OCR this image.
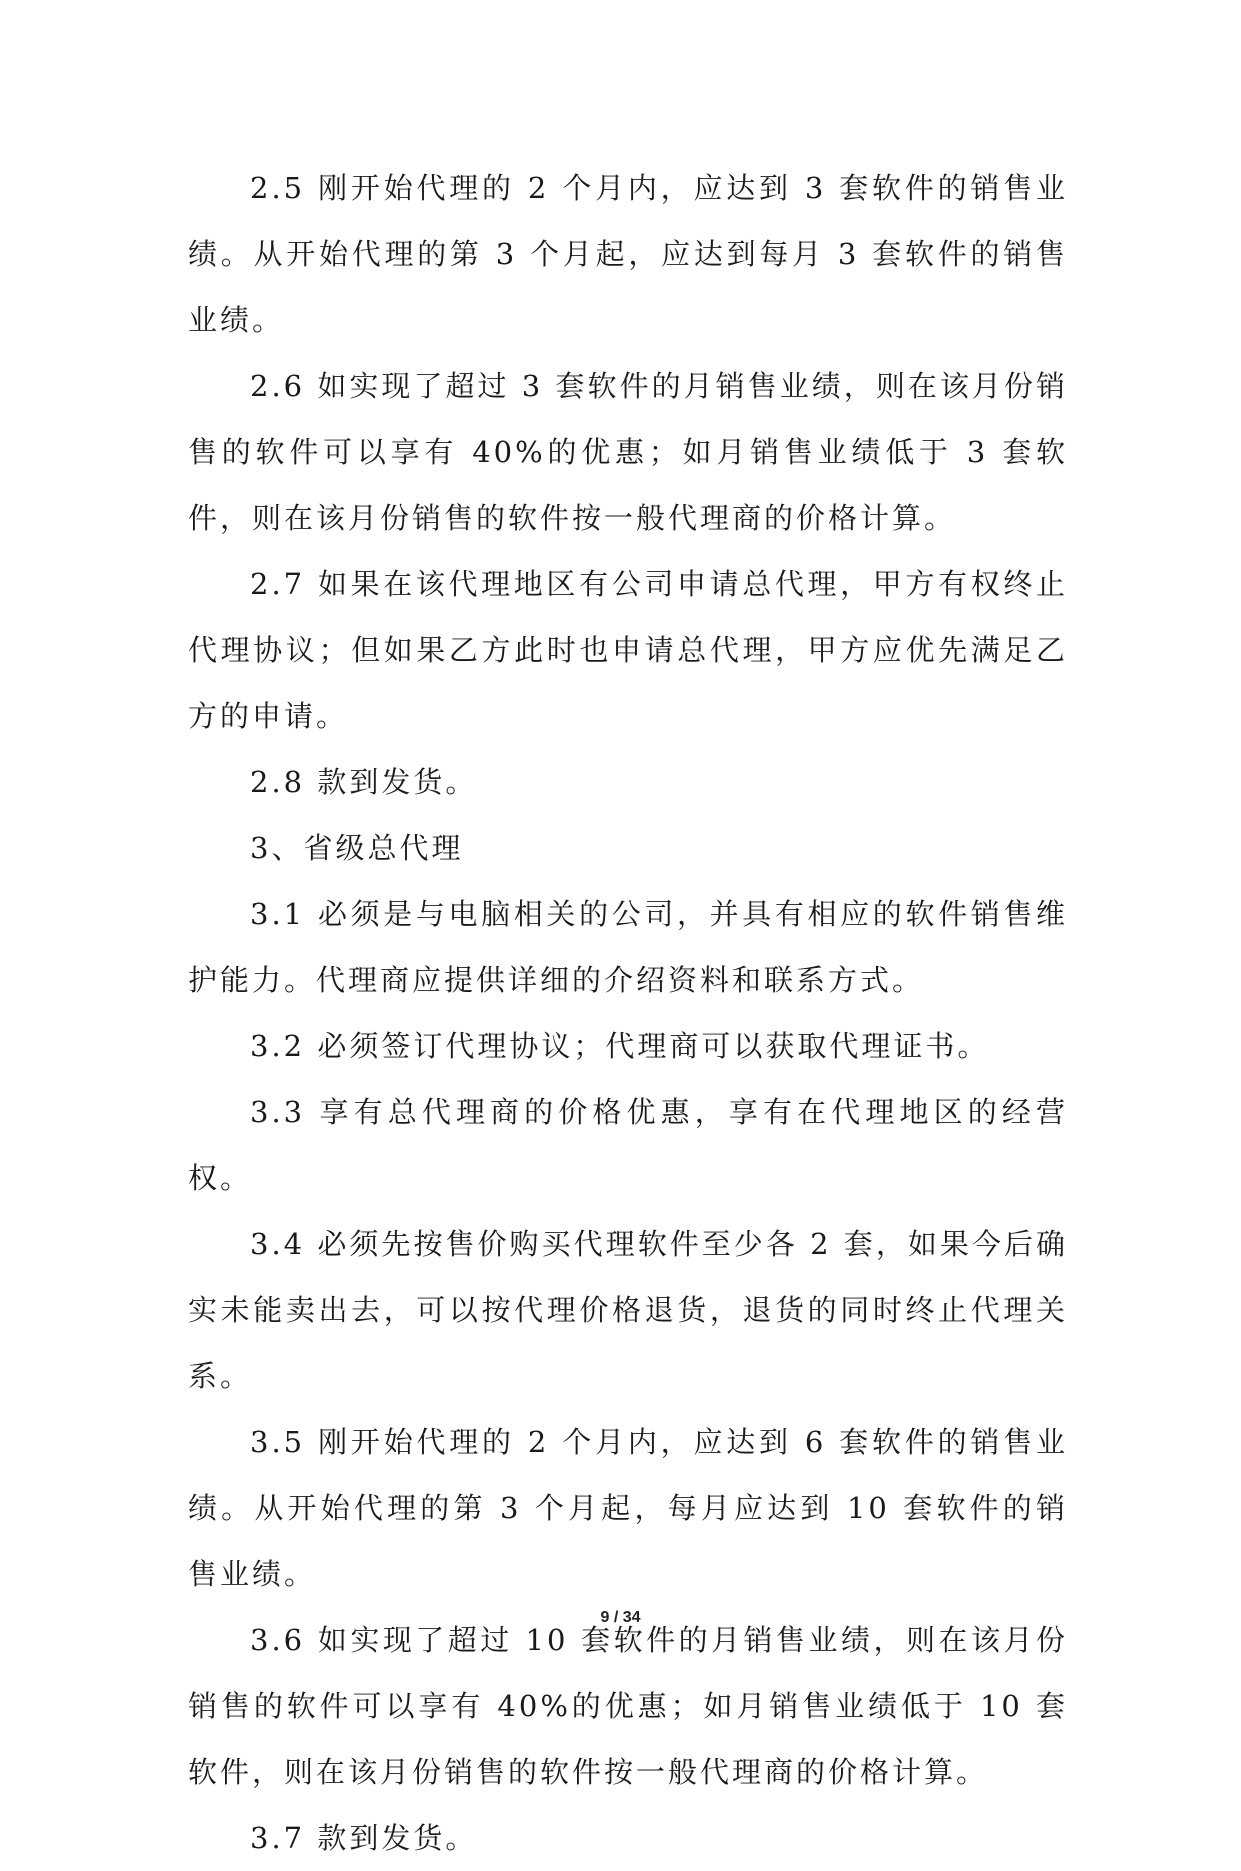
2.5 刚开始代理的 2 个月内，应达到 3 套软件的销售业绩。从开始代理的第 3 个月起，应达到每月 3 套软件的销售业绩。

2.6 如实现了超过 3 套软件的月销售业绩，则在该月份销售的软件可以享有 40%的优惠；如月销售业绩低于 3 套软件，则在该月份销售的软件按一般代理商的价格计算。

2.7 如果在该代理地区有公司申请总代理，甲方有权终止代理协议；但如果乙方此时也申请总代理，甲方应优先满足乙方的申请。

2.8 款到发货。

3、省级总代理

3.1 必须是与电脑相关的公司，并具有相应的软件销售维护能力。代理商应提供详细的介绍资料和联系方式。

3.2 必须签订代理协议；代理商可以获取代理证书。

3.3 享有总代理商的价格优惠，享有在代理地区的经营权。

3.4 必须先按售价购买代理软件至少各 2 套，如果今后确实未能卖出去，可以按代理价格退货，退货的同时终止代理关系。

3.5 刚开始代理的 2 个月内，应达到 6 套软件的销售业绩。从开始代理的第 3 个月起，每月应达到 10 套软件的销售业绩。

3.6 如实现了超过 10 套软件的月销售业绩，则在该月份销售的软件可以享有 40%的优惠；如月销售业绩低于 10 套软件，则在该月份销售的软件按一般代理商的价格计算。

3.7 款到发货。

9 / 34
